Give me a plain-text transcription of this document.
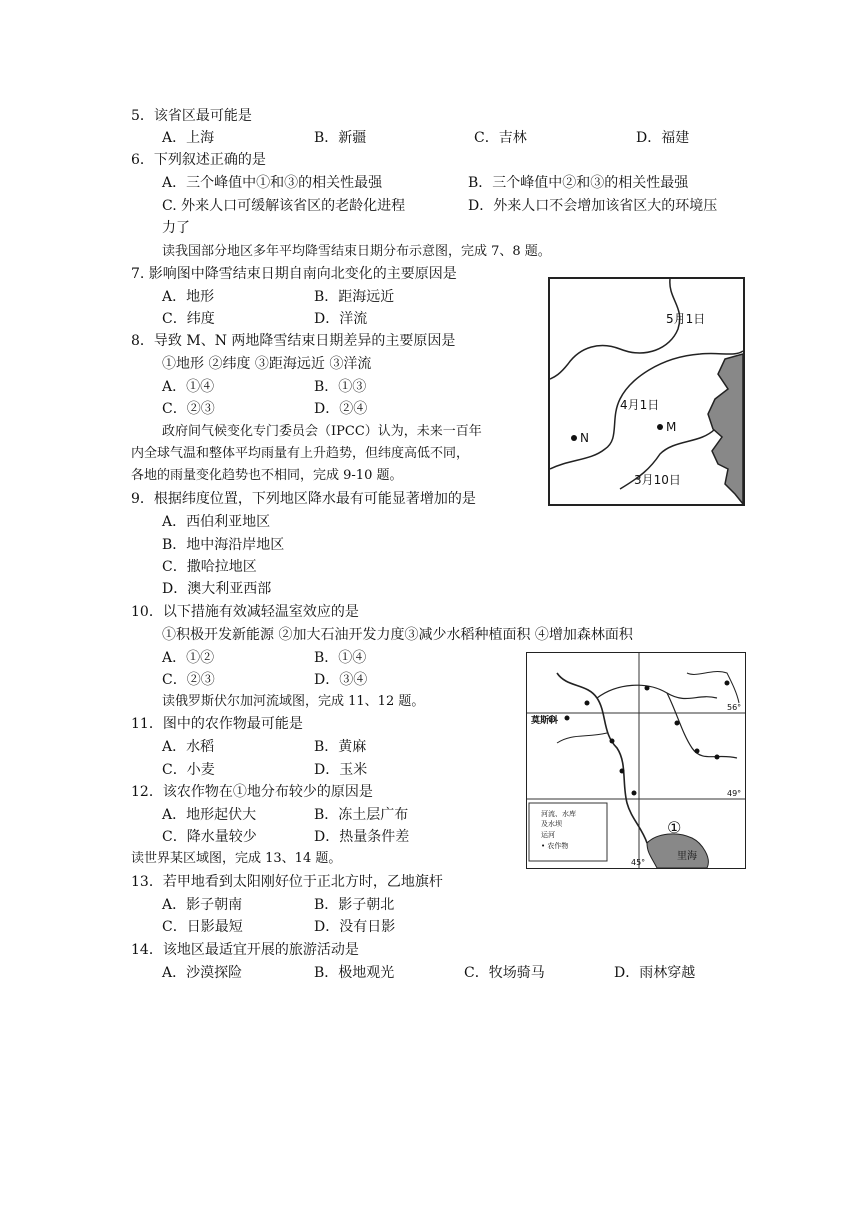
5．该省区最可能是
A．上海	B．新疆	C．吉林	D．福建
6．下列叙述正确的是
A．三个峰值中①和③的相关性最强	B．三个峰值中②和③的相关性最强
C. 外来人口可缓解该省区的老龄化进程	D．外来人口不会增加该省区大的环境压
力了
读我国部分地区多年平均降雪结束日期分布示意图，完成 7、8 题。
7. 影响图中降雪结束日期自南向北变化的主要原因是
A．地形	B．距海远近
C．纬度	D．洋流
8．导致 M、N 两地降雪结束日期差异的主要原因是
①地形 ②纬度 ③距海远近 ③洋流
A．①④	B．①③
C．②③	D．②④
政府间气候变化专门委员会（IPCC）认为，未来一百年
内全球气温和整体平均雨量有上升趋势，但纬度高低不同，
各地的雨量变化趋势也不相同，完成 9-10 题。
9．根据纬度位置，下列地区降水最有可能显著增加的是
A．西伯利亚地区
B．地中海沿岸地区
C．撒哈拉地区
D．澳大利亚西部
10．以下措施有效减轻温室效应的是
①积极开发新能源 ②加大石油开发力度③减少水稻种植面积 ④增加森林面积
A．①②	B．①④
C．②③	D．③④
读俄罗斯伏尔加河流域图，完成 11、12 题。
11．图中的农作物最可能是
A．水稻	B．黄麻
C．小麦	D．玉米
12．该农作物在①地分布较少的原因是
A．地形起伏大	B．冻土层广布
C．降水量较少	D．热量条件差
读世界某区域图，完成 13、14 题。
13．若甲地看到太阳刚好位于正北方时，乙地旗杆
A．影子朝南	B．影子朝北
C．日影最短	D．没有日影
14．该地区最适宜开展的旅游活动是
A．沙漠探险	B．极地观光	C．牧场骑马	D．雨林穿越
5月1日
4月1日
3月10日
N
M
莫斯科
56°
49°
45°
①
里海
河流、水库
及水坝
运河
• 农作物
